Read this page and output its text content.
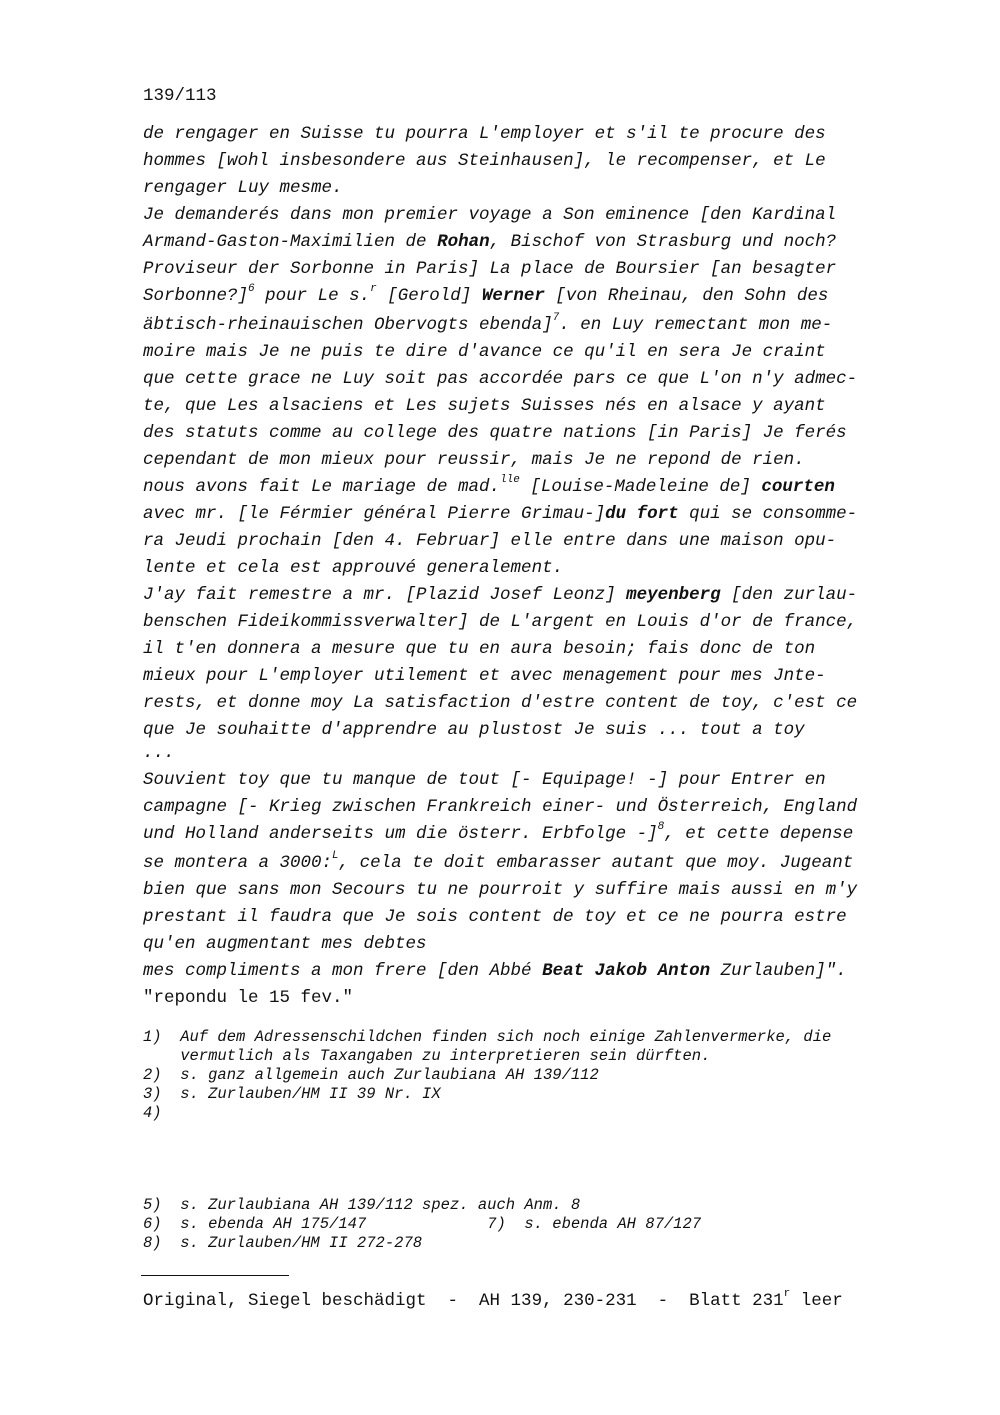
139/113
de rengager en Suisse tu pourra L'employer et s'il te procure des
hommes [wohl insbesondere aus Steinhausen], le recompenser, et Le
rengager Luy mesme.
Je demanderés dans mon premier voyage a Son eminence [den Kardinal
Armand-Gaston-Maximilien de Rohan, Bischof von Strasburg und noch?
Proviseur der Sorbonne in Paris] La place de Boursier [an besagter
Sorbonne?]$^6$ pour Le s.$^r$ [Gerold] Werner [von Rheinau, den Sohn des
äbtisch-rheinauischen Obervogts ebenda]$^7$. en Luy remectant mon me-
moire mais Je ne puis te dire d'avance ce qu'il en sera Je craint
que cette grace ne Luy soit pas accordée pars ce que L'on n'y admec-
te, que Les alsaciens et Les sujets Suisses nés en alsace y ayant
des statuts comme au college des quatre nations [in Paris] Je ferés
cependant de mon mieux pour reussir, mais Je ne repond de rien.
nous avons fait Le mariage de mad.$^{lle}$ [Louise-Madeleine de] courten
avec mr. [le Férmier général Pierre Grimau-]du fort qui se consomme-
ra Jeudi prochain [den 4. Februar] elle entre dans une maison opu-
lente et cela est approuvé generalement.
J'ay fait remestre a mr. [Plazid Josef Leonz] meyenberg [den zurlau-
benschen Fideikommissverwalter] de L'argent en Louis d'or de france,
il t'en donnera a mesure que tu en aura besoin; fais donc de ton
mieux pour L'employer utilement et avec menagement pour mes Jnte-
rests, et donne moy La satisfaction d'estre content de toy, c'est ce
que Je souhaitte d'apprendre au plustost Je suis ... tout a toy
...
Souvient toy que tu manque de tout [- Equipage! -] pour Entrer en
campagne [- Krieg zwischen Frankreich einer- und Österreich, England
und Holland anderseits um die österr. Erbfolge -]$^8$, et cette depense
se montera a 3000:$^L$, cela te doit embarasser autant que moy. Jugeant
bien que sans mon Secours tu ne pourroit y suffire mais aussi en m'y
prestant il faudra que Je sois content de toy et ce ne pourra estre
qu'en augmentant mes debtes
mes compliments a mon frere [den Abbé Beat Jakob Anton Zurlauben]".
"repondu le 15 fev."
1)  Auf dem Adressenschildchen finden sich noch einige Zahlenvermerke, die
vermutlich als Taxangaben zu interpretieren sein dürften.
2)  s. ganz allgemein auch Zurlaubiana AH 139/112
3)  s. Zurlauben/HM II 39 Nr. IX
4)
5)  s. Zurlaubiana AH 139/112 spez. auch Anm. 8
6)  s. ebenda AH 175/147             7)  s. ebenda AH 87/127
8)  s. Zurlauben/HM II 272-278
Original, Siegel beschädigt  -  AH 139, 230-231  -  Blatt 231$^r$ leer
